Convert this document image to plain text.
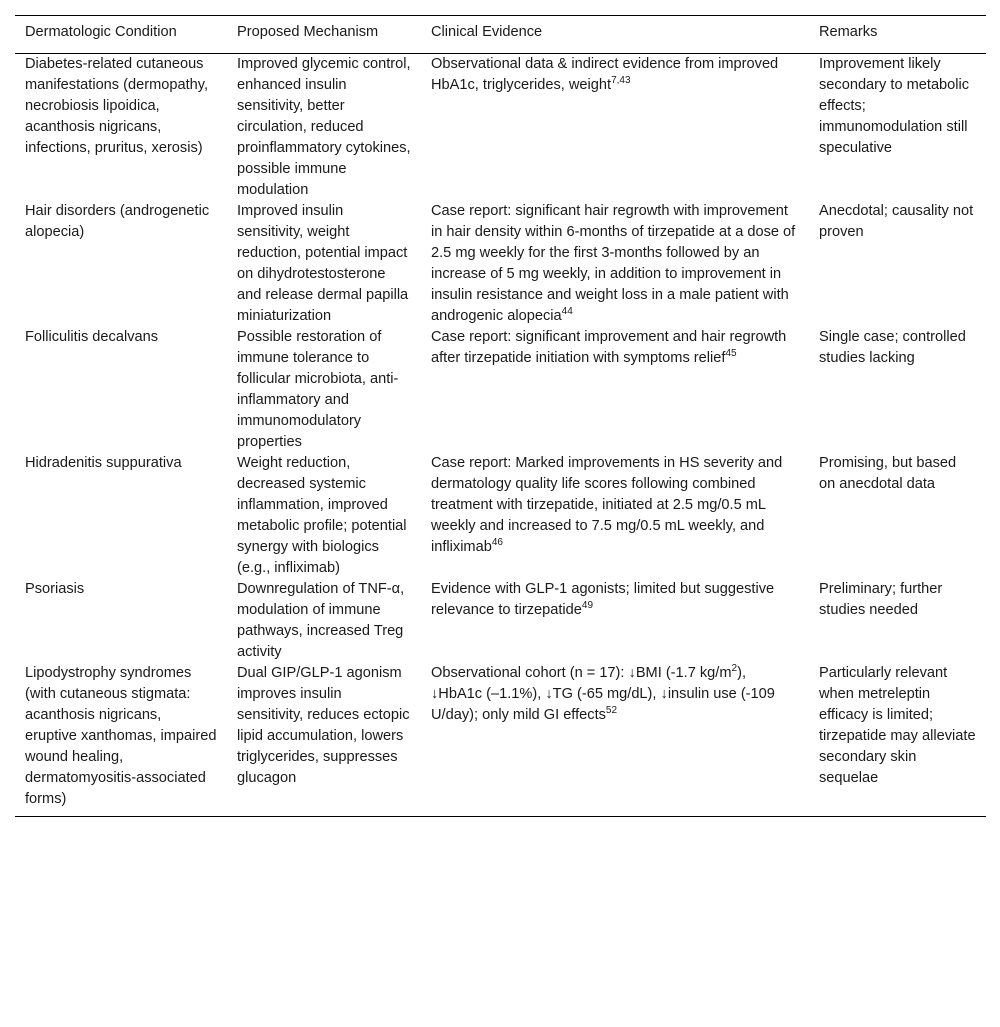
Dermatologic Condition	Proposed Mechanism	Clinical Evidence	Remarks
Diabetes-related cutaneous manifestations (dermopathy, necrobiosis lipoidica, acanthosis nigricans, infections, pruritus, xerosis)	Improved glycemic control, enhanced insulin sensitivity, better circulation, reduced proinflammatory cytokines, possible immune modulation	Observational data & indirect evidence from improved HbA1c, triglycerides, weight$^{7,43}$	Improvement likely secondary to metabolic effects; immunomodulation still speculative
Hair disorders (androgenetic alopecia)	Improved insulin sensitivity, weight reduction, potential impact on dihydrotestosterone and release dermal papilla miniaturization	Case report: significant hair regrowth with improvement in hair density within 6-months of tirzepatide at a dose of 2.5 mg weekly for the first 3-months followed by an increase of 5 mg weekly, in addition to improvement in insulin resistance and weight loss in a male patient with androgenic alopecia$^{44}$	Anecdotal; causality not proven
Folliculitis decalvans	Possible restoration of immune tolerance to follicular microbiota, anti-inflammatory and immunomodulatory properties	Case report: significant improvement and hair regrowth after tirzepatide initiation with symptoms relief$^{45}$	Single case; controlled studies lacking
Hidradenitis suppurativa	Weight reduction, decreased systemic inflammation, improved metabolic profile; potential synergy with biologics (e.g., infliximab)	Case report: Marked improvements in HS severity and dermatology quality life scores following combined treatment with tirzepatide, initiated at 2.5 mg/0.5 mL weekly and increased to 7.5 mg/0.5 mL weekly, and infliximab$^{46}$	Promising, but based on anecdotal data
Psoriasis	Downregulation of TNF-α, modulation of immune pathways, increased Treg activity	Evidence with GLP-1 agonists; limited but suggestive relevance to tirzepatide$^{49}$	Preliminary; further studies needed
Lipodystrophy syndromes (with cutaneous stigmata: acanthosis nigricans, eruptive xanthomas, impaired wound healing, dermatomyositis-associated forms)	Dual GIP/GLP-1 agonism improves insulin sensitivity, reduces ectopic lipid accumulation, lowers triglycerides, suppresses glucagon	Observational cohort (n = 17): ↓BMI (-1.7 $kg/m^2$), ↓HbA1c (–1.1%), ↓TG (-65 mg/dL), ↓insulin use (-109 U/day); only mild GI effects$^{52}$	Particularly relevant when metreleptin efficacy is limited; tirzepatide may alleviate secondary skin sequelae
